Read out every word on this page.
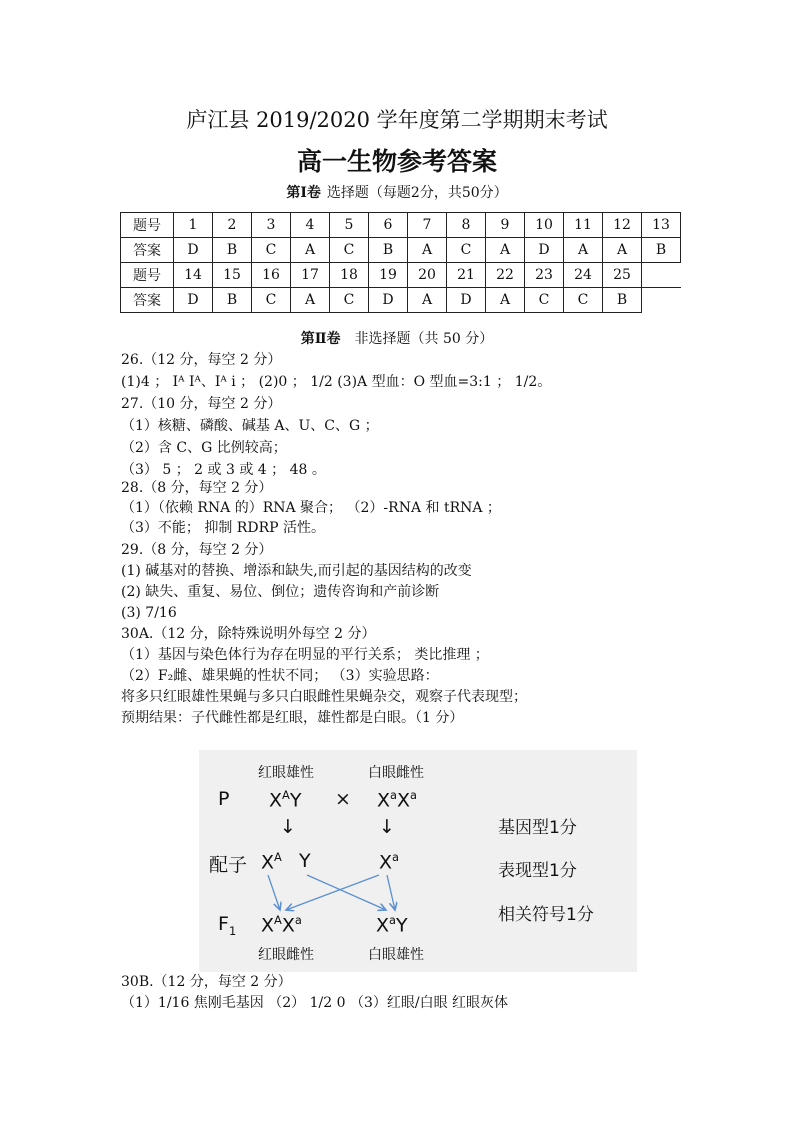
庐江县 2019/2020 学年度第二学期期末考试
高一生物参考答案
第Ⅰ卷 选择题（每题2分，共50分）
题号	1	2	3	4	5	6	7	8	9	10	11	12	13
答案	D	B	C	A	C	B	A	C	A	D	A	A	B
题号	14	15	16	17	18	19	20	21	22	23	24	25	
答案	D	B	C	A	C	D	A	D	A	C	C	B	
第Ⅱ卷 非选择题（共 50 分）
26.（12 分，每空 2 分）
(1)4 ； Iᴬ Iᴬ、Iᴬ i ； (2)0 ； 1/2 (3)A 型血：O 型血=3:1 ； 1/2。
27.（10 分，每空 2 分）
（1）核糖、磷酸、碱基 A、U、C、G ；
（2）含 C、G 比例较高；
（3） 5 ； 2 或 3 或 4 ； 48 。
28.（8 分，每空 2 分）
（1）（依赖 RNA 的）RNA 聚合； （2）-RNA 和 tRNA ；
（3）不能； 抑制 RDRP 活性。
29.（8 分，每空 2 分）
(1) 碱基对的替换、增添和缺失,而引起的基因结构的改变
(2) 缺失、重复、易位、倒位；遗传咨询和产前诊断
(3) 7/16
30A.（12 分，除特殊说明外每空 2 分）
（1）基因与染色体行为存在明显的平行关系； 类比推理 ；
（2）F₂雌、雄果蝇的性状不同； （3）实验思路：
将多只红眼雄性果蝇与多只白眼雌性果蝇杂交，观察子代表现型；
预期结果：子代雌性都是红眼，雄性都是白眼。（1 分）
红眼雄性	白眼雌性
P $X^AY \times X^aX^a$
↓	↓
配子 $X^A$ Y	$X^a$
$F_1$ $X^AX^a$	$X^aY$
红眼雌性	白眼雄性
基因型1分
表现型1分
相关符号1分
30B.（12 分，每空 2 分）
（1）1/16 焦刚毛基因 （2） 1/2 0 （3）红眼/白眼 红眼灰体
